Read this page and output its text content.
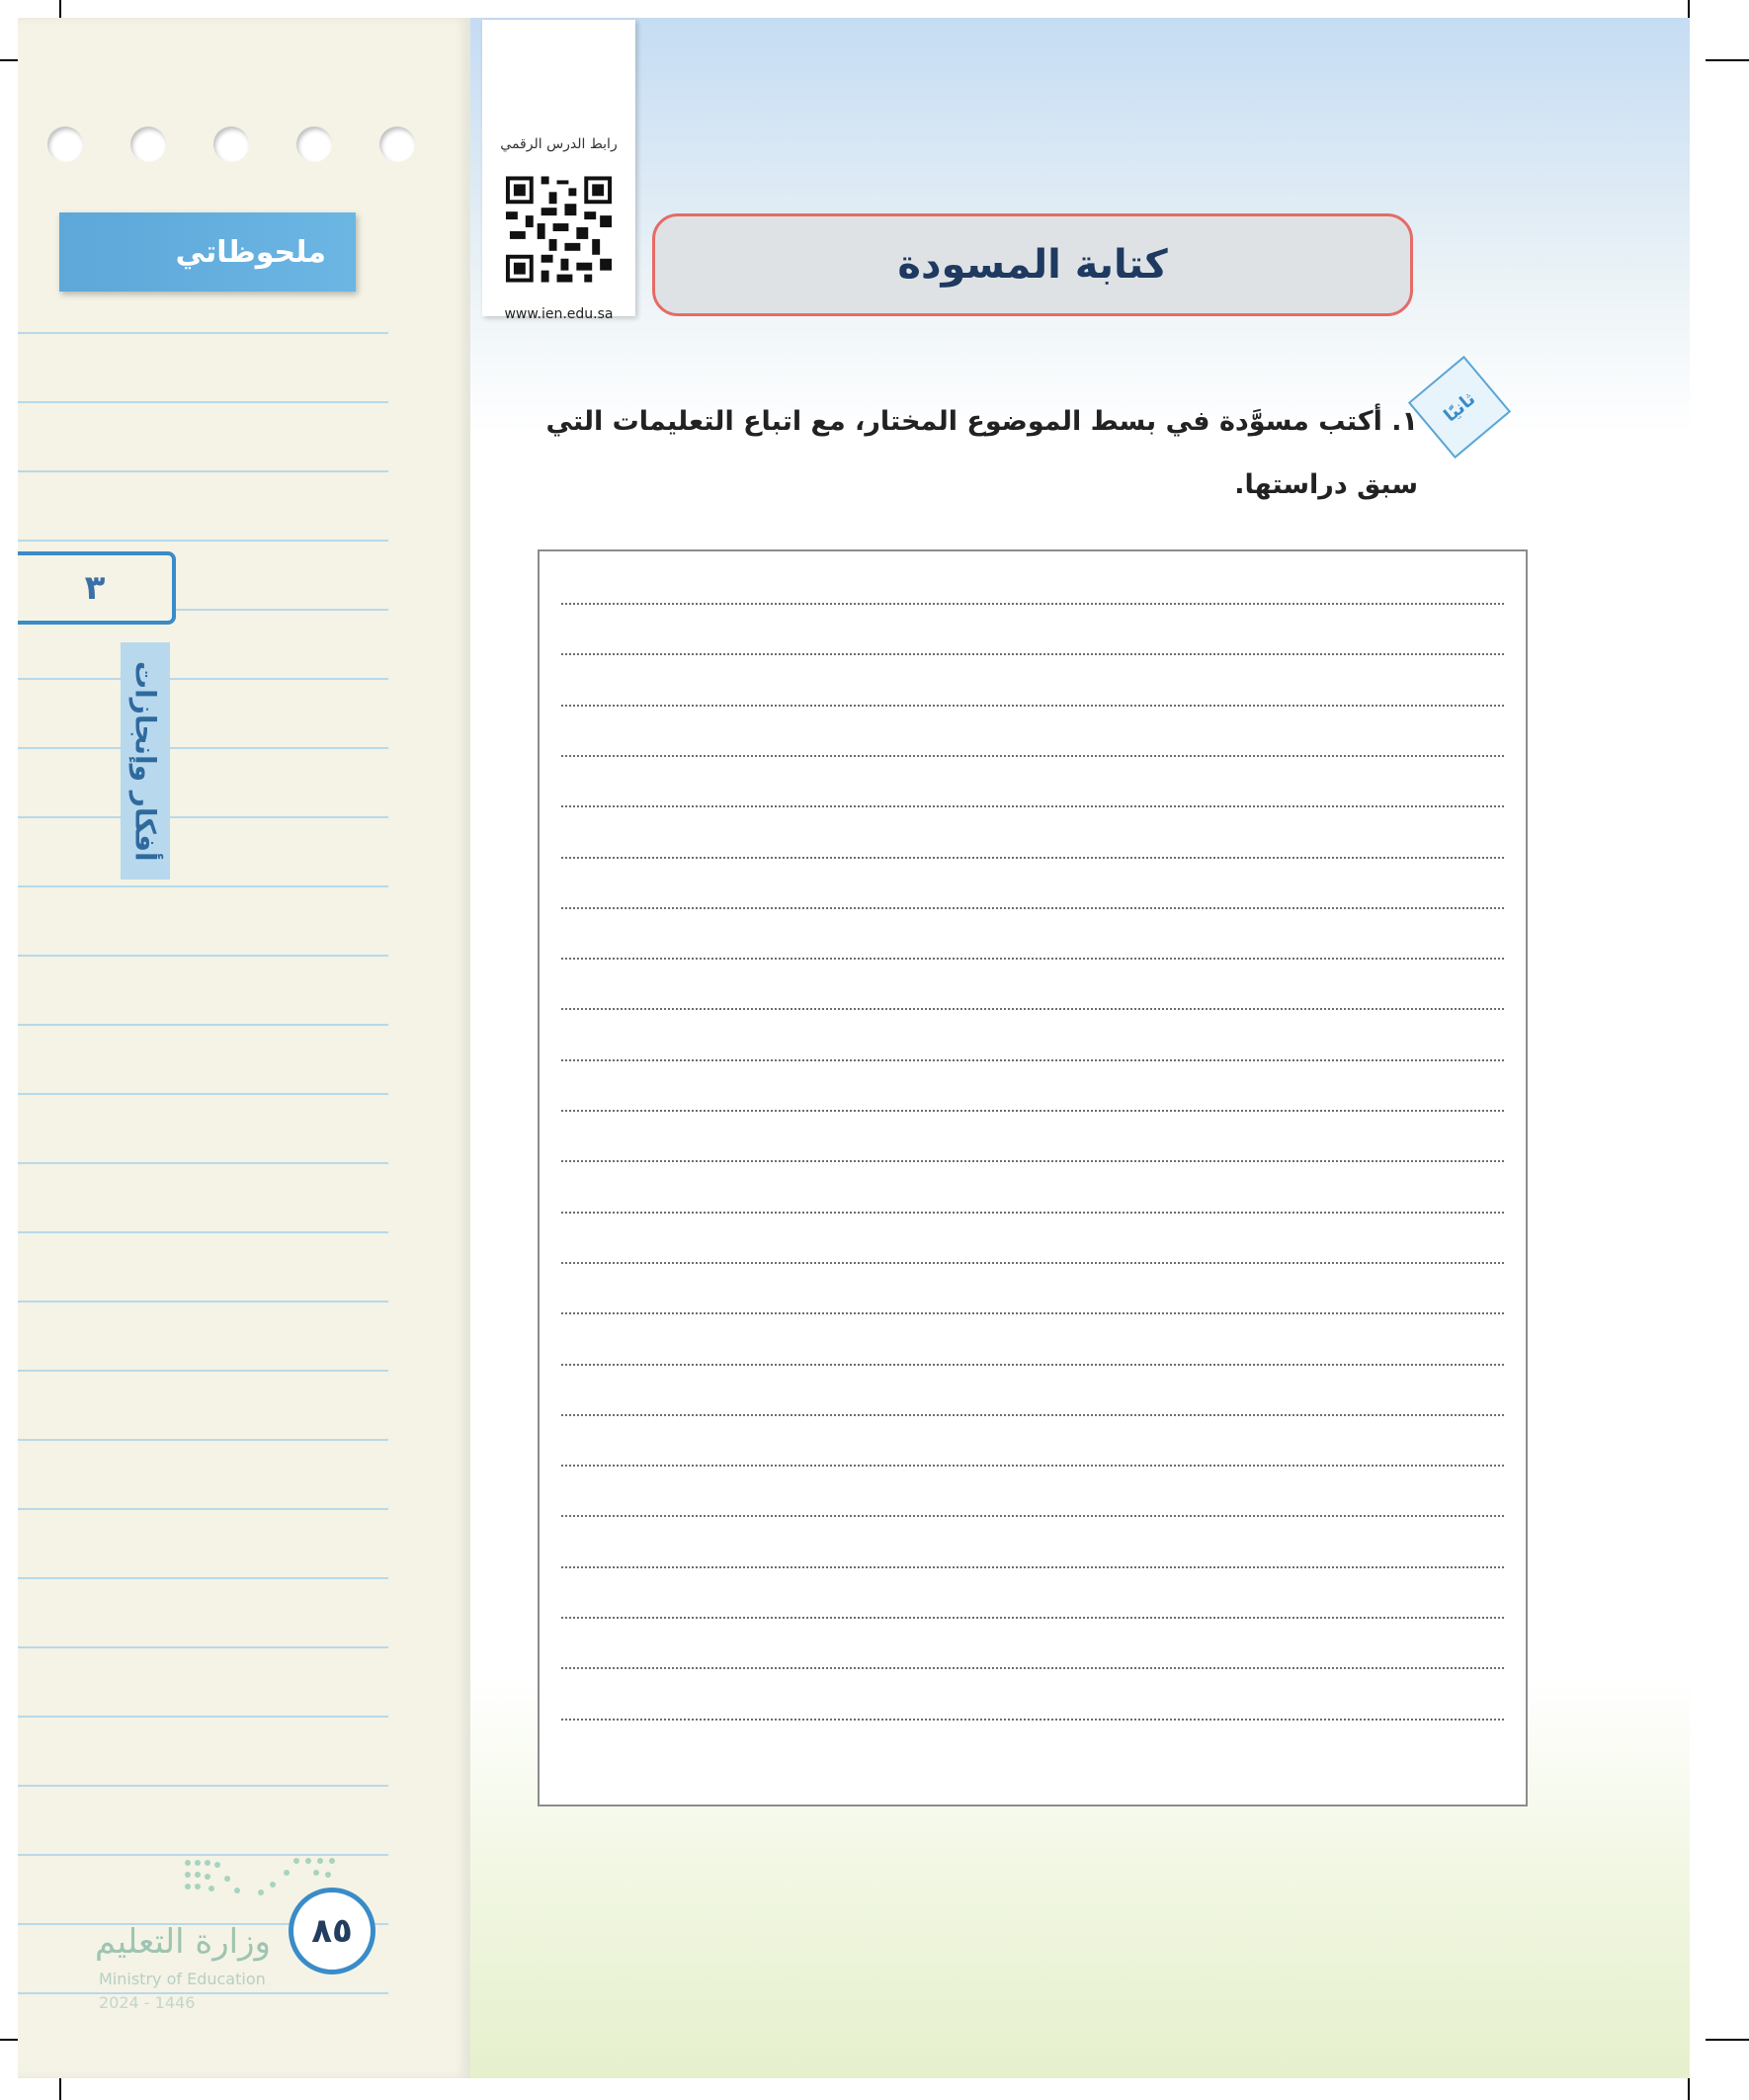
ملحوظاتي
٣
أفكار وإنجازات
٨٥
وزارة التعليم
Ministry of Education
2024 - 1446
رابط الدرس الرقمي
www.ien.edu.sa
كتابة المسودة
ثانيًا
١. أكتب مسوَّدة في بسط الموضوع المختار، مع اتباع التعليمات التي سبق دراستها.
